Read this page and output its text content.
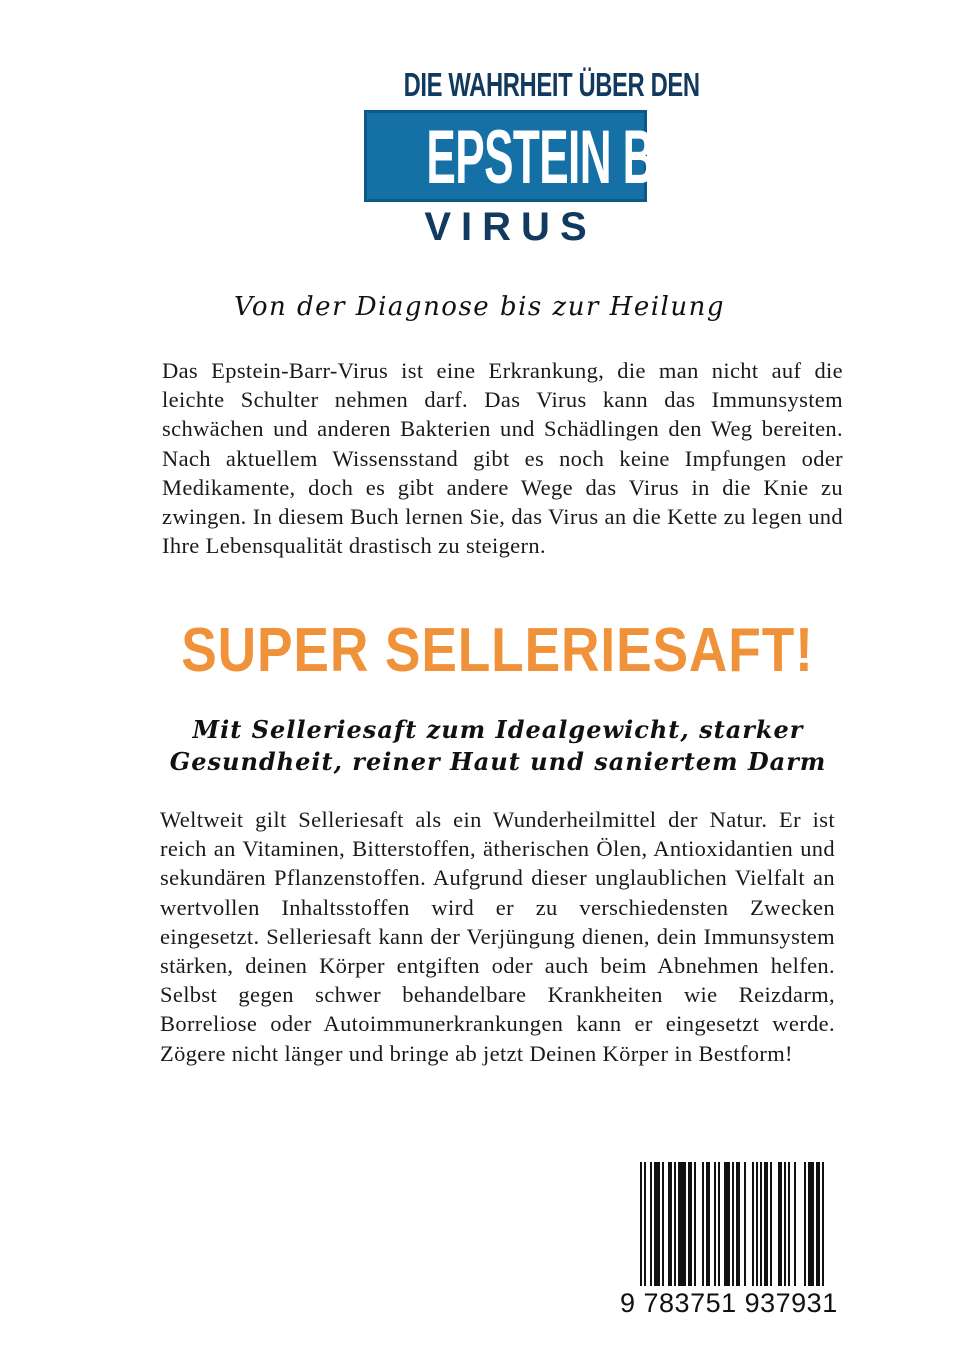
DIE WAHRHEIT ÜBER DEN
EPSTEIN BARR
VIRUS
Von der Diagnose bis zur Heilung

Das Epstein-Barr-Virus ist eine Erkrankung, die man nicht auf die leichte Schulter nehmen darf. Das Virus kann das Immunsystem schwächen und anderen Bakterien und Schädlingen den Weg bereiten. Nach aktuellem Wissensstand gibt es noch keine Impfungen oder Medikamente, doch es gibt andere Wege das Virus in die Knie zu zwingen. In diesem Buch lernen Sie, das Virus an die Kette zu legen und Ihre Lebensqualität drastisch zu steigern.

SUPER SELLERIESAFT!
Mit Selleriesaft zum Idealgewicht, starker Gesundheit, reiner Haut und saniertem Darm

Weltweit gilt Selleriesaft als ein Wunderheilmittel der Natur. Er ist reich an Vitaminen, Bitterstoffen, ätherischen Ölen, Antioxidantien und sekundären Pflanzenstoffen. Aufgrund dieser unglaublichen Vielfalt an wertvollen Inhaltsstoffen wird er zu verschiedensten Zwecken eingesetzt. Selleriesaft kann der Verjüngung dienen, dein Immunsystem stärken, deinen Körper entgiften oder auch beim Abnehmen helfen. Selbst gegen schwer behandelbare Krankheiten wie Reizdarm, Borreliose oder Autoimmunerkrankungen kann er eingesetzt werde. Zögere nicht länger und bringe ab jetzt Deinen Körper in Bestform!

9 783751 937931
